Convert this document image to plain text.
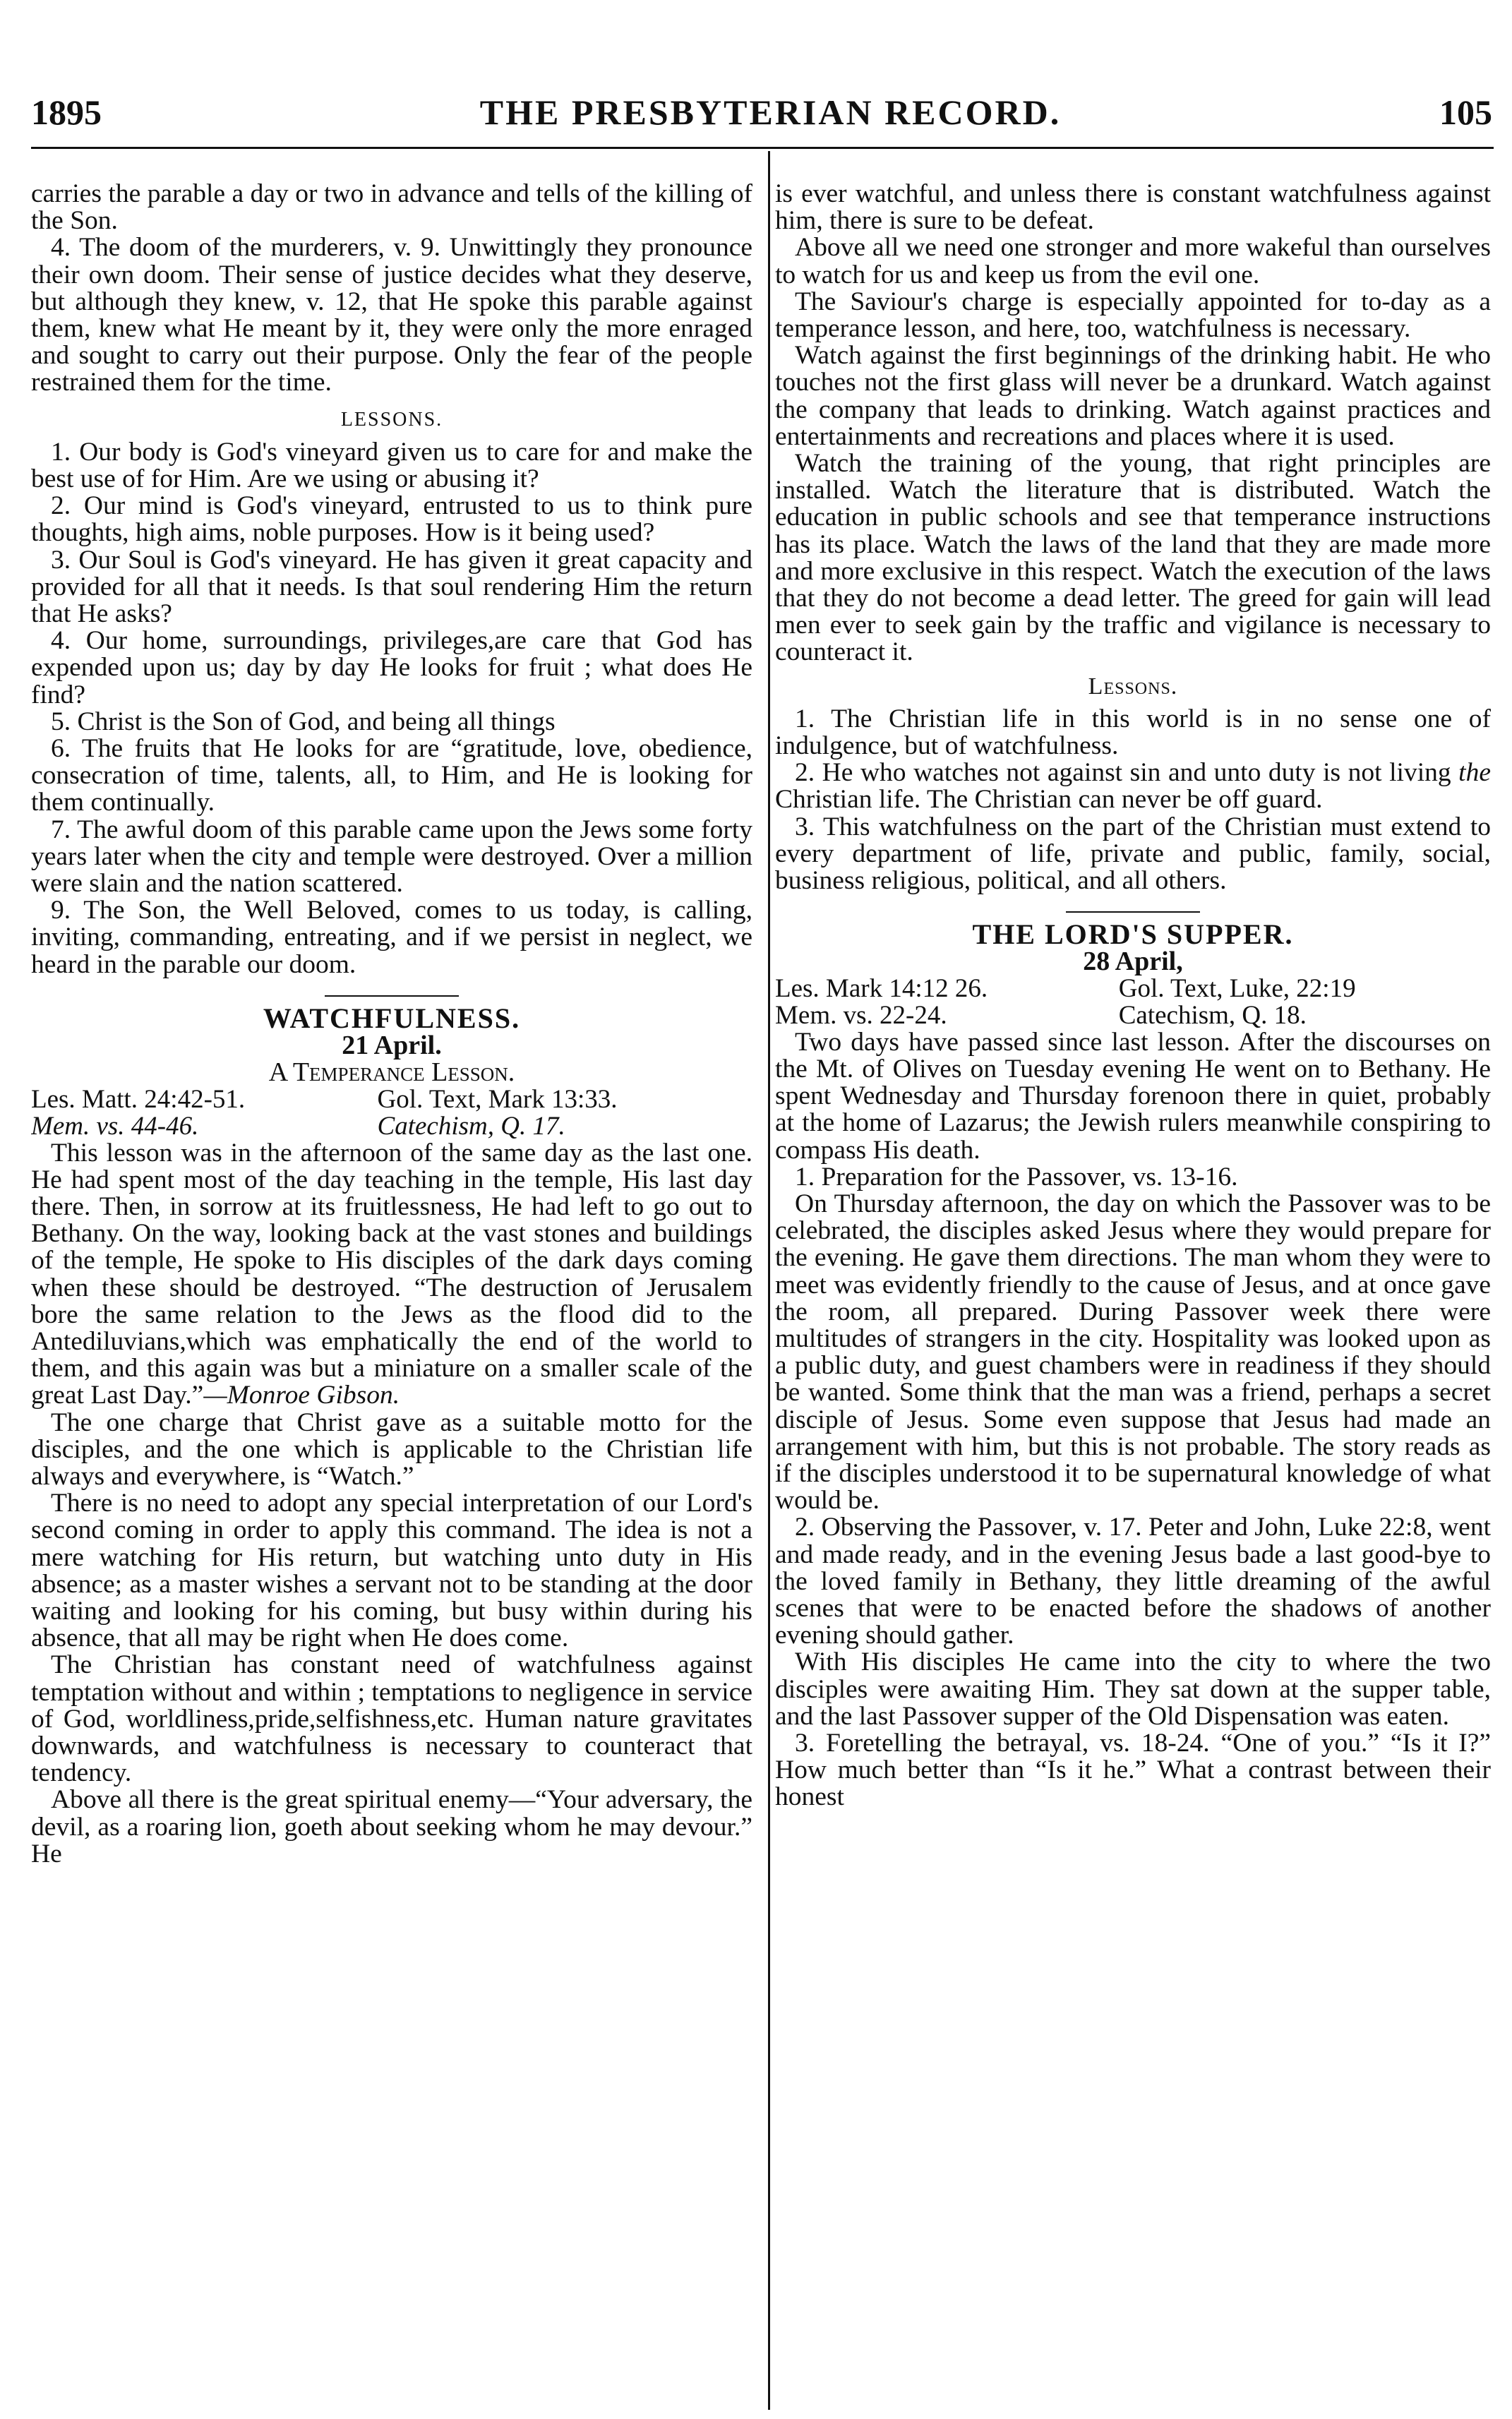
1895	THE PRESBYTERIAN RECORD.	105

carries the parable a day or two in advance and tells of the killing of the Son.

4. The doom of the murderers, v. 9. Unwittingly they pronounce their own doom. Their sense of justice decides what they deserve, but although they knew, v. 12, that He spoke this parable against them, knew what He meant by it, they were only the more enraged and sought to carry out their purpose. Only the fear of the people restrained them for the time.

LESSONS.

1. Our body is God's vineyard given us to care for and make the best use of for Him. Are we using or abusing it?

2. Our mind is God's vineyard, entrusted to us to think pure thoughts, high aims, noble purposes. How is it being used?

3. Our Soul is God's vineyard. He has given it great capacity and provided for all that it needs. Is that soul rendering Him the return that He asks?

4. Our home, surroundings, privileges,are care that God has expended upon us; day by day He looks for fruit ; what does He find?

5. Christ is the Son of God, and being all things

6. The fruits that He looks for are “gratitude, love, obedience, consecration of time, talents, all, to Him, and He is looking for them continually.

7. The awful doom of this parable came upon the Jews some forty years later when the city and temple were destroyed. Over a million were slain and the nation scattered.

9. The Son, the Well Beloved, comes to us today, is calling, inviting, commanding, entreating, and if we persist in neglect, we heard in the parable our doom.

WATCHFULNESS.
21 April.
A Temperance Lesson.
Les. Matt. 24:42-51.	Gol. Text, Mark 13:33.
Mem. vs. 44-46.	Catechism, Q. 17.

This lesson was in the afternoon of the same day as the last one. He had spent most of the day teaching in the temple, His last day there. Then, in sorrow at its fruitlessness, He had left to go out to Bethany. On the way, looking back at the vast stones and buildings of the temple, He spoke to His disciples of the dark days coming when these should be destroyed. “The destruction of Jerusalem bore the same relation to the Jews as the flood did to the Antediluvians,which was emphatically the end of the world to them, and this again was but a miniature on a smaller scale of the great Last Day.”—Monroe Gibson.

The one charge that Christ gave as a suitable motto for the disciples, and the one which is applicable to the Christian life always and everywhere, is “Watch.”

There is no need to adopt any special interpretation of our Lord's second coming in order to apply this command. The idea is not a mere watching for His return, but watching unto duty in His absence; as a master wishes a servant not to be standing at the door waiting and looking for his coming, but busy within during his absence, that all may be right when He does come.

The Christian has constant need of watchfulness against temptation without and within ; temptations to negligence in service of God, worldliness,pride,selfishness,etc. Human nature gravitates downwards, and watchfulness is necessary to counteract that tendency.

Above all there is the great spiritual enemy—“Your adversary, the devil, as a roaring lion, goeth about seeking whom he may devour.” He

is ever watchful, and unless there is constant watchfulness against him, there is sure to be defeat.

Above all we need one stronger and more wakeful than ourselves to watch for us and keep us from the evil one.

The Saviour's charge is especially appointed for to-day as a temperance lesson, and here, too, watchfulness is necessary.

Watch against the first beginnings of the drinking habit. He who touches not the first glass will never be a drunkard. Watch against the company that leads to drinking. Watch against practices and entertainments and recreations and places where it is used.

Watch the training of the young, that right principles are installed. Watch the literature that is distributed. Watch the education in public schools and see that temperance instructions has its place. Watch the laws of the land that they are made more and more exclusive in this respect. Watch the execution of the laws that they do not become a dead letter. The greed for gain will lead men ever to seek gain by the traffic and vigilance is necessary to counteract it.

Lessons.

1. The Christian life in this world is in no sense one of indulgence, but of watchfulness.

2. He who watches not against sin and unto duty is not living the Christian life. The Christian can never be off guard.

3. This watchfulness on the part of the Christian must extend to every department of life, private and public, family, social, business religious, political, and all others.

THE LORD'S SUPPER.
28 April,
Les. Mark 14:12 26.	Gol. Text, Luke, 22:19
Mem. vs. 22-24.	Catechism, Q. 18.

Two days have passed since last lesson. After the discourses on the Mt. of Olives on Tuesday evening He went on to Bethany. He spent Wednesday and Thursday forenoon there in quiet, probably at the home of Lazarus; the Jewish rulers meanwhile conspiring to compass His death.

1. Preparation for the Passover, vs. 13-16.

On Thursday afternoon, the day on which the Passover was to be celebrated, the disciples asked Jesus where they would prepare for the evening. He gave them directions. The man whom they were to meet was evidently friendly to the cause of Jesus, and at once gave the room, all prepared. During Passover week there were multitudes of strangers in the city. Hospitality was looked upon as a public duty, and guest chambers were in readiness if they should be wanted. Some think that the man was a friend, perhaps a secret disciple of Jesus. Some even suppose that Jesus had made an arrangement with him, but this is not probable. The story reads as if the disciples understood it to be supernatural knowledge of what would be.

2. Observing the Passover, v. 17. Peter and John, Luke 22:8, went and made ready, and in the evening Jesus bade a last good-bye to the loved family in Bethany, they little dreaming of the awful scenes that were to be enacted before the shadows of another evening should gather.

With His disciples He came into the city to where the two disciples were awaiting Him. They sat down at the supper table, and the last Passover supper of the Old Dispensation was eaten.

3. Foretelling the betrayal, vs. 18-24. “One of you.” “Is it I?” How much better than “Is it he.” What a contrast between their honest
